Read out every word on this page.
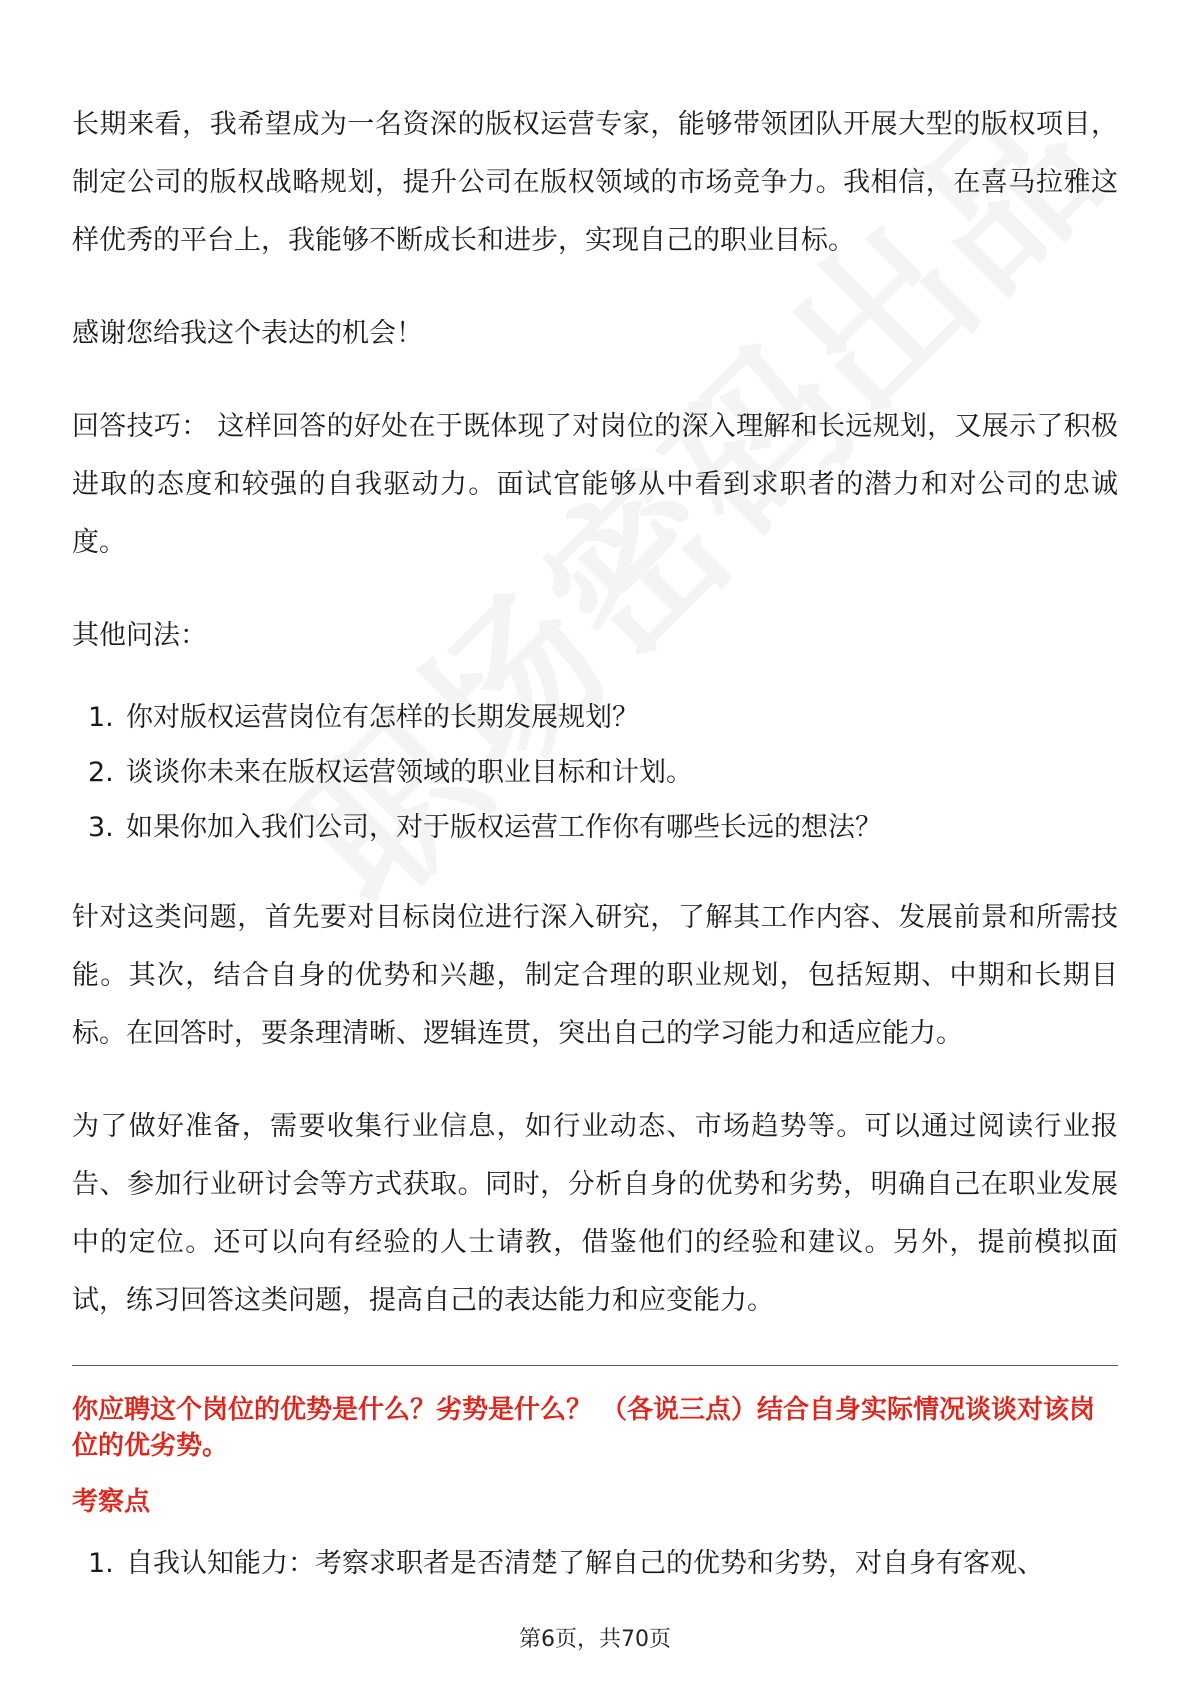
长期来看，我希望成为一名资深的版权运营专家，能够带领团队开展大型的版权项目，制定公司的版权战略规划，提升公司在版权领域的市场竞争力。我相信，在喜马拉雅这样优秀的平台上，我能够不断成长和进步，实现自己的职业目标。

感谢您给我这个表达的机会！

回答技巧： 这样回答的好处在于既体现了对岗位的深入理解和长远规划，又展示了积极进取的态度和较强的自我驱动力。面试官能够从中看到求职者的潜力和对公司的忠诚度。

其他问法：

1. 你对版权运营岗位有怎样的长期发展规划？
2. 谈谈你未来在版权运营领域的职业目标和计划。
3. 如果你加入我们公司，对于版权运营工作你有哪些长远的想法？

针对这类问题，首先要对目标岗位进行深入研究，了解其工作内容、发展前景和所需技能。其次，结合自身的优势和兴趣，制定合理的职业规划，包括短期、中期和长期目标。在回答时，要条理清晰、逻辑连贯，突出自己的学习能力和适应能力。

为了做好准备，需要收集行业信息，如行业动态、市场趋势等。可以通过阅读行业报告、参加行业研讨会等方式获取。同时，分析自身的优势和劣势，明确自己在职业发展中的定位。还可以向有经验的人士请教，借鉴他们的经验和建议。另外，提前模拟面试，练习回答这类问题，提高自己的表达能力和应变能力。

你应聘这个岗位的优势是什么？劣势是什么？ （各说三点）结合自身实际情况谈谈对该岗位的优劣势。
考察点
1. 自我认知能力：考察求职者是否清楚了解自己的优势和劣势，对自身有客观、
第6页，共70页
